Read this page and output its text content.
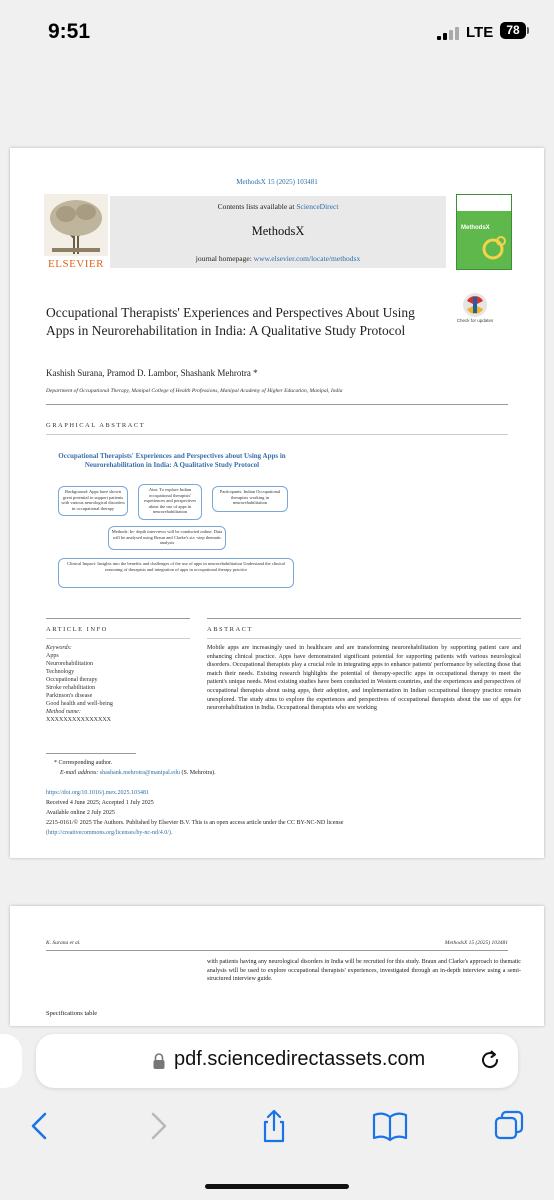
9:51	LTE	78
MethodsX 15 (2025) 103481
ELSEVIER
Contents lists available at ScienceDirect
MethodsX
journal homepage: www.elsevier.com/locate/methodsx
MethodsX
Occupational Therapists' Experiences and Perspectives About Using Apps in Neurorehabilitation in India: A Qualitative Study Protocol
Check for updates
Kashish Surana, Pramod D. Lambor, Shashank Mehrotra *
Department of Occupational Therapy, Manipal College of Health Professions, Manipal Academy of Higher Education, Manipal, India
GRAPHICAL ABSTRACT
Occupational Therapists' Experiences and Perspectives about Using Apps in Neurorehabilitation in India: A Qualitative Study Protocol
Background: Apps have shown great potential to support patients with various neurological disorders in occupational therapy
Aim: To explore Indian occupational therapists' experiences and perspectives about the use of apps in neurorehabilitation
Participants: Indian Occupational therapists working in neurorehabilitation
Methods: In- depth interviews will be conducted online. Data will be analysed using Braun and Clarke's six -step thematic analysis
Clinical Impact: Insights into the benefits and challenges of the use of apps in neurorehabilitation Understand the clinical reasoning of therapists and integration of apps in occupational therapy practice
ARTICLE INFO	ABSTRACT
Keywords:
Apps
Neurorehabilitation
Technology
Occupational therapy
Stroke rehabilitation
Parkinson's disease
Good health and well-being
Method name:
XXXXXXXXXXXXXXX
Mobile apps are increasingly used in healthcare and are transforming neurorehabilitation by supporting patient care and enhancing clinical practice. Apps have demonstrated significant potential for supporting patients with various neurological disorders. Occupational therapists play a crucial role in integrating apps to enhance patients' performance by selecting those that match their needs. Existing research highlights the potential of therapy-specific apps in occupational therapy to meet the patient's unique needs. Most existing studies have been conducted in Western countries, and the experiences and perspectives of occupational therapists about using apps, their adoption, and implementation in Indian occupational therapy practice remain unexplored. The study aims to explore the experiences and perspectives of occupational therapists about the use of apps for neurorehabilitation in India. Occupational therapists who are working
* Corresponding author.
E-mail address: shashank.mehrotra@manipal.edu (S. Mehrotra).
https://doi.org/10.1016/j.mex.2025.103481
Received 4 June 2025; Accepted 1 July 2025
Available online 2 July 2025
2215-0161/© 2025 The Authors. Published by Elsevier B.V. This is an open access article under the CC BY-NC-ND license
(http://creativecommons.org/licenses/by-nc-nd/4.0/).
K. Surana et al.	MethodsX 15 (2025) 103481
with patients having any neurological disorders in India will be recruited for this study. Braun and Clarke's approach to thematic analysis will be used to explore occupational therapists' experiences, investigated through an in-depth interview using a semi-structured interview guide.
Specifications table
pdf.sciencedirectassets.com
